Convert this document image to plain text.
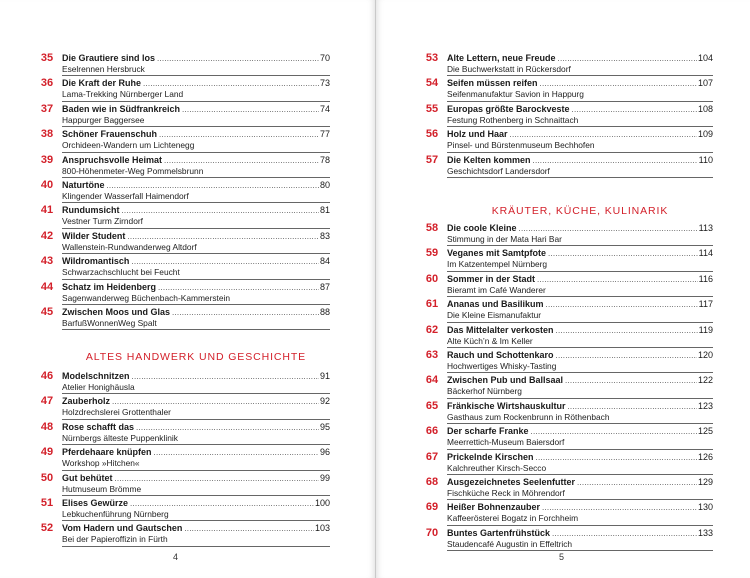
35 Die Grautiere sind los .....	70
Eselrennen Hersbruck
36 Die Kraft der Ruhe .....	73
Lama-Trekking Nürnberger Land
37 Baden wie in Südfrankreich .....	74
Happurger Baggersee
38 Schöner Frauenschuh .....	77
Orchideen-Wandern um Lichtenegg
39 Anspruchsvolle Heimat .....	78
800-Höhenmeter-Weg Pommelsbrunn
40 Naturtöne .....	80
Klingender Wasserfall Haimendorf
41 Rundumsicht .....	81
Vestner Turm Zirndorf
42 Wilder Student .....	83
Wallenstein-Rundwanderweg Altdorf
43 Wildromantisch .....	84
Schwarzachschlucht bei Feucht
44 Schatz im Heidenberg .....	87
Sagenwanderweg Büchenbach-Kammerstein
45 Zwischen Moos und Glas .....	88
BarfußWonnenWeg Spalt
ALTES HANDWERK UND GESCHICHTE
46 Modelschnitzen .....	91
Atelier Honighäusla
47 Zauberholz .....	92
Holzdrechslerei Grottenthaler
48 Rose schafft das .....	95
Nürnbergs älteste Puppenklinik
49 Pferdehaare knüpfen .....	96
Workshop »Hitchen«
50 Gut behütet .....	99
Hutmuseum Brömme
51 Elises Gewürze .....	100
Lebkuchenführung Nürnberg
52 Vom Hadern und Gautschen .....	103
Bei der Papierofﬁzin in Fürth
4
53 Alte Lettern, neue Freude .....	104
Die Buchwerkstatt in Rückersdorf
54 Seifen müssen reifen .....	107
Seifenmanufaktur Savion in Happurg
55 Europas größte Barockveste .....	108
Festung Rothenberg in Schnaittach
56 Holz und Haar .....	109
Pinsel- und Bürstenmuseum Bechhofen
57 Die Kelten kommen .....	110
Geschichtsdorf Landersdorf
KRÄUTER, KÜCHE, KULINARIK
58 Die coole Kleine .....	113
Stimmung in der Mata Hari Bar
59 Veganes mit Samtpfote .....	114
Im Katzentempel Nürnberg
60 Sommer in der Stadt .....	116
Bieramt im Café Wanderer
61 Ananas und Basilikum .....	117
Die Kleine Eismanufaktur
62 Das Mittelalter verkosten .....	119
Alte Küch’n & Im Keller
63 Rauch und Schottenkaro .....	120
Hochwertiges Whisky-Tasting
64 Zwischen Pub und Ballsaal .....	122
Bäckerhof Nürnberg
65 Fränkische Wirtshauskultur .....	123
Gasthaus zum Rockenbrunn in Röthenbach
66 Der scharfe Franke .....	125
Meerrettich-Museum Baiersdorf
67 Prickelnde Kirschen .....	126
Kalchreuther Kirsch-Secco
68 Ausgezeichnetes Seelenfutter .....	129
Fischküche Reck in Möhrendorf
69 Heißer Bohnenzauber .....	130
Kaffeerösterei Bogatz in Forchheim
70 Buntes Gartenfrühstück .....	133
Staudencafé Augustin in Effeltrich
5
